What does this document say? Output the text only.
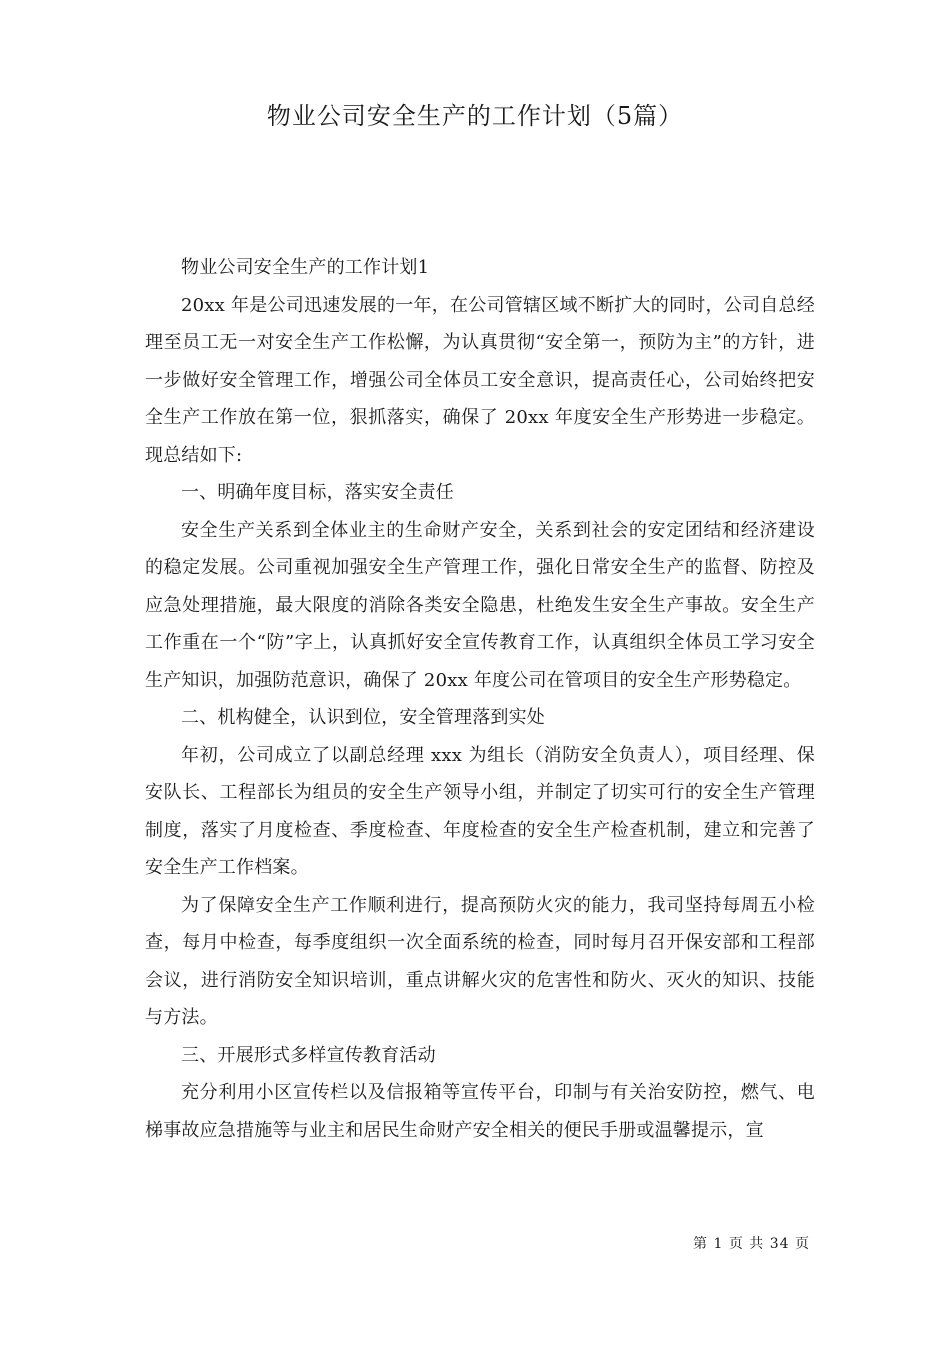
物业公司安全生产的工作计划（5篇）

物业公司安全生产的工作计划1

20xx 年是公司迅速发展的一年，在公司管辖区域不断扩大的同时，公司自总经理至员工无一对安全生产工作松懈，为认真贯彻“安全第一，预防为主”的方针，进一步做好安全管理工作，增强公司全体员工安全意识，提高责任心，公司始终把安全生产工作放在第一位，狠抓落实，确保了 20xx 年度安全生产形势进一步稳定。现总结如下:

一、明确年度目标，落实安全责任

安全生产关系到全体业主的生命财产安全，关系到社会的安定团结和经济建设的稳定发展。公司重视加强安全生产管理工作，强化日常安全生产的监督、防控及应急处理措施，最大限度的消除各类安全隐患，杜绝发生安全生产事故。安全生产工作重在一个“防”字上，认真抓好安全宣传教育工作，认真组织全体员工学习安全生产知识，加强防范意识，确保了 20xx 年度公司在管项目的安全生产形势稳定。

二、机构健全，认识到位，安全管理落到实处

年初，公司成立了以副总经理 xxx 为组长（消防安全负责人），项目经理、保安队长、工程部长为组员的安全生产领导小组，并制定了切实可行的安全生产管理制度，落实了月度检查、季度检查、年度检查的安全生产检查机制，建立和完善了安全生产工作档案。

为了保障安全生产工作顺利进行，提高预防火灾的能力，我司坚持每周五小检查，每月中检查，每季度组织一次全面系统的检查，同时每月召开保安部和工程部会议，进行消防安全知识培训，重点讲解火灾的危害性和防火、灭火的知识、技能与方法。

三、开展形式多样宣传教育活动

充分利用小区宣传栏以及信报箱等宣传平台，印制与有关治安防控，燃气、电梯事故应急措施等与业主和居民生命财产安全相关的便民手册或温馨提示，宣

第 1 页 共 34 页
